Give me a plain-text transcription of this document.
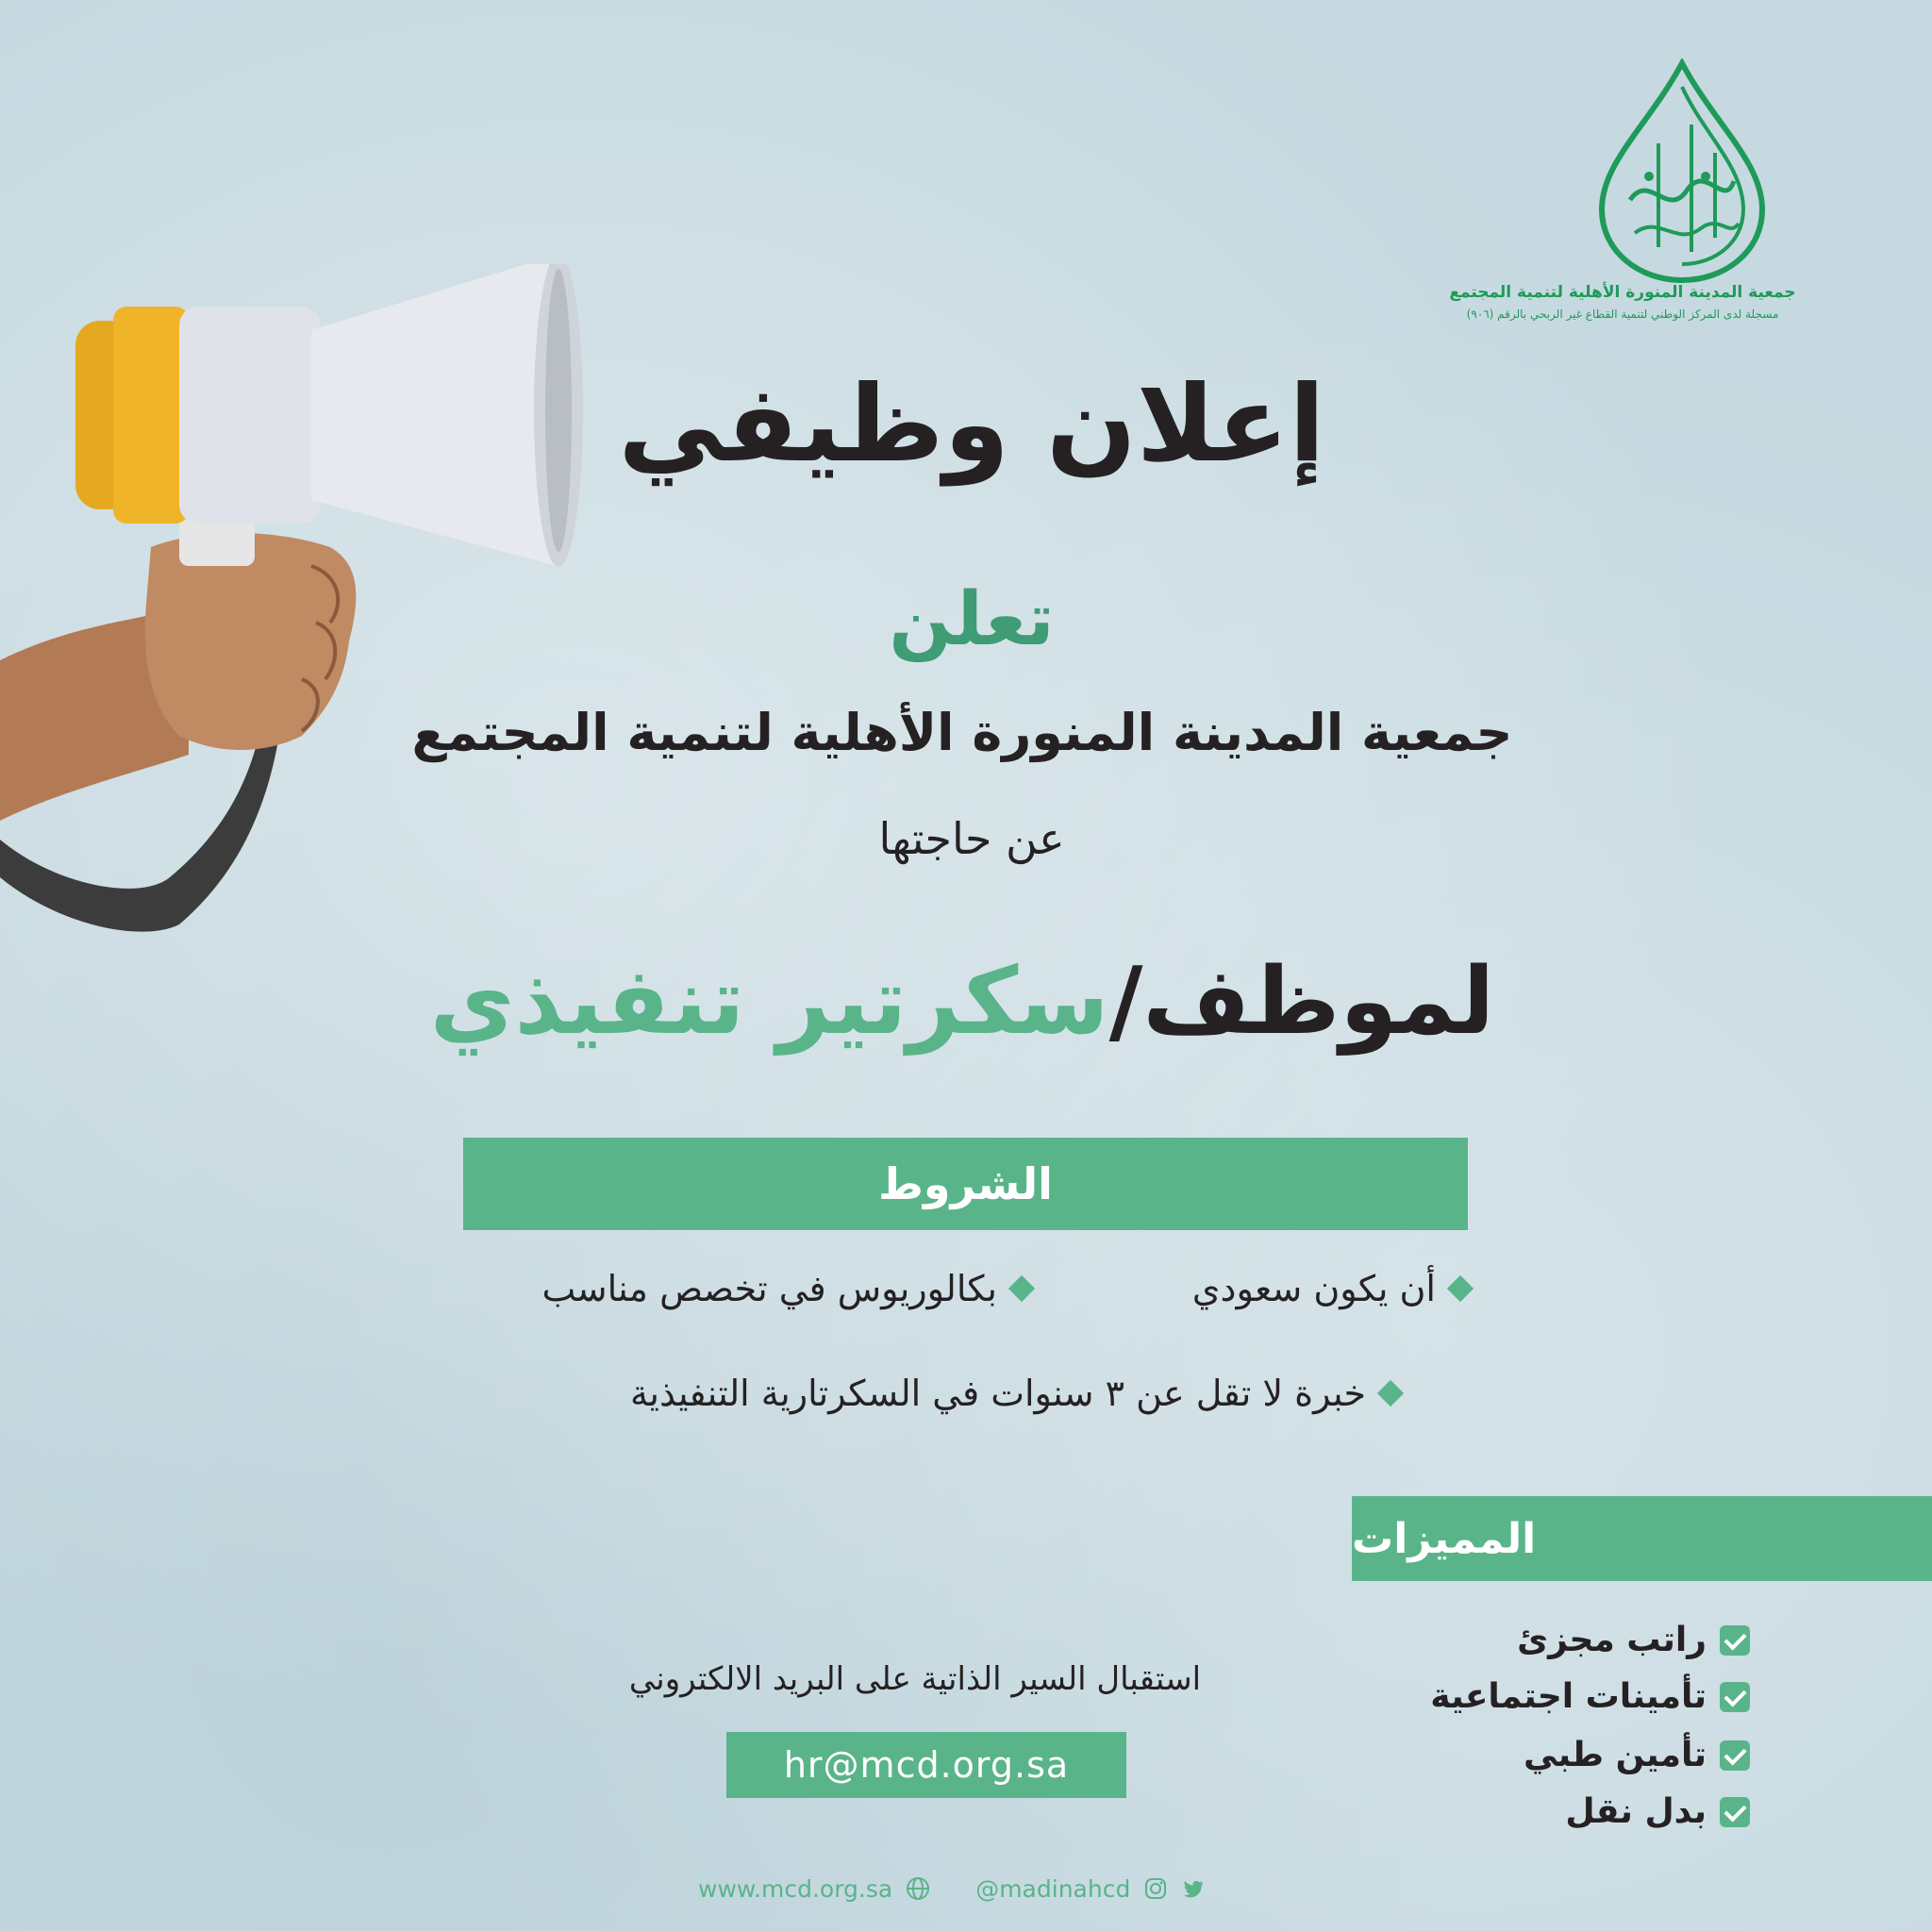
جمعية المدينة المنورة الأهلية لتنمية المجتمع
مسجلة لدى المركز الوطني لتنمية القطاع غير الربحي بالرقم (٩٠٦)
إعلان وظيفي
تعلن
جمعية المدينة المنورة الأهلية لتنمية المجتمع
عن حاجتها
لموظف/سكرتير تنفيذي
الشروط
أن يكون سعودي
بكالوريوس في تخصص مناسب
خبرة لا تقل عن ٣ سنوات في السكرتارية التنفيذية
المميزات
راتب مجزئ
تأمينات اجتماعية
تأمين طبي
بدل نقل
استقبال السير الذاتية على البريد الالكتروني
hr@mcd.org.sa
www.mcd.org.sa	@madinahcd
